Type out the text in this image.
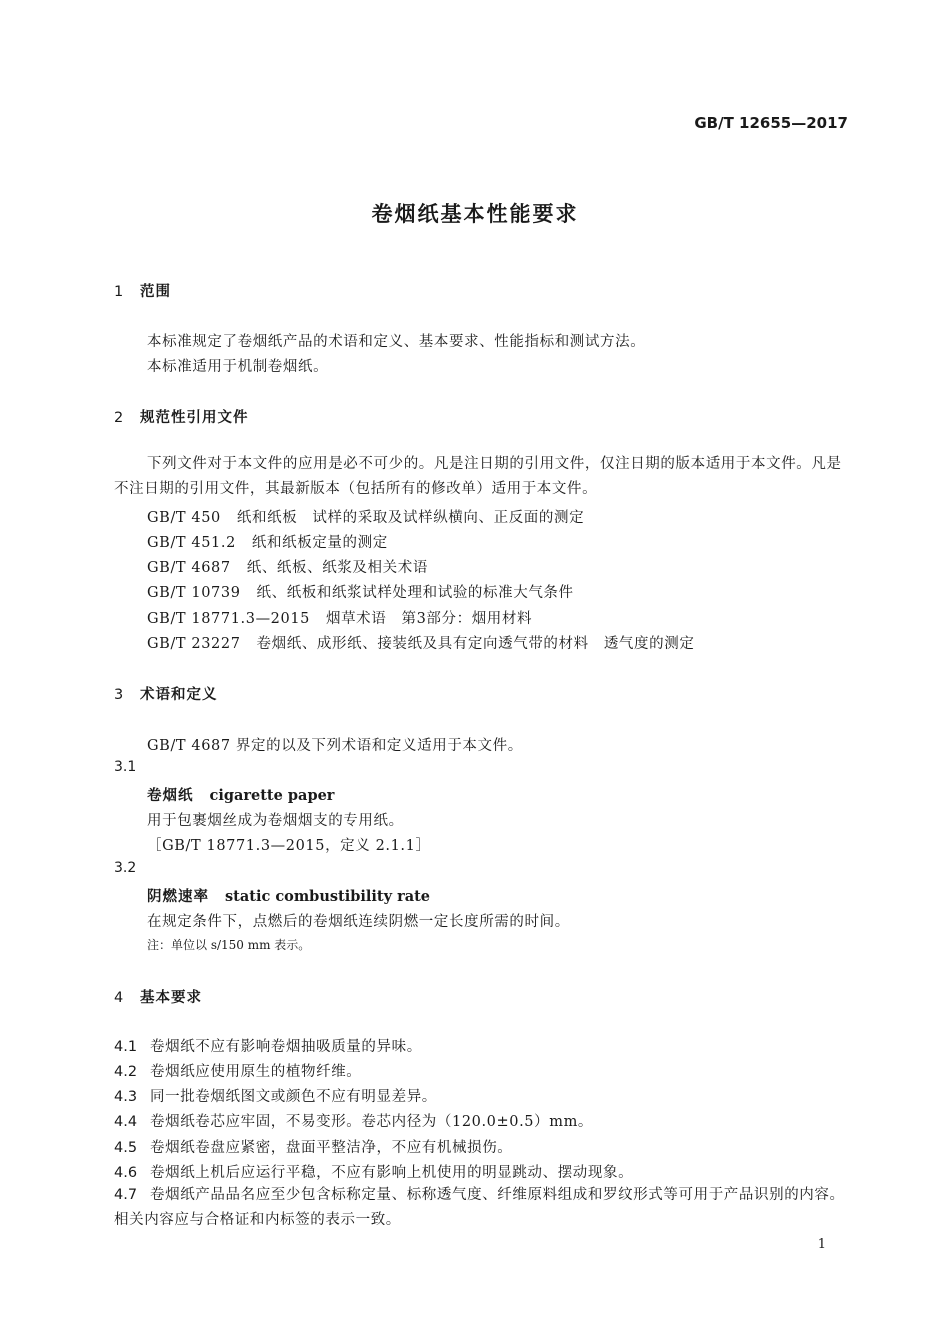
GB/T 12655—2017
卷烟纸基本性能要求
1 范围
本标准规定了卷烟纸产品的术语和定义、基本要求、性能指标和测试方法。
本标准适用于机制卷烟纸。
2 规范性引用文件
下列文件对于本文件的应用是必不可少的。凡是注日期的引用文件，仅注日期的版本适用于本文件。凡是不注日期的引用文件，其最新版本（包括所有的修改单）适用于本文件。
GB/T 450 纸和纸板　试样的采取及试样纵横向、正反面的测定
GB/T 451.2 纸和纸板定量的测定
GB/T 4687 纸、纸板、纸浆及相关术语
GB/T 10739 纸、纸板和纸浆试样处理和试验的标准大气条件
GB/T 18771.3—2015 烟草术语　第3部分：烟用材料
GB/T 23227 卷烟纸、成形纸、接装纸及具有定向透气带的材料　透气度的测定
3 术语和定义
GB/T 4687 界定的以及下列术语和定义适用于本文件。
3.1
卷烟纸 cigarette paper
用于包裹烟丝成为卷烟烟支的专用纸。
［GB/T 18771.3—2015，定义 2.1.1］
3.2
阴燃速率 static combustibility rate
在规定条件下，点燃后的卷烟纸连续阴燃一定长度所需的时间。
注：单位以 s/150 mm 表示。
4 基本要求
4.1 卷烟纸不应有影响卷烟抽吸质量的异味。
4.2 卷烟纸应使用原生的植物纤维。
4.3 同一批卷烟纸图文或颜色不应有明显差异。
4.4 卷烟纸卷芯应牢固，不易变形。卷芯内径为（120.0±0.5）mm。
4.5 卷烟纸卷盘应紧密，盘面平整洁净，不应有机械损伤。
4.6 卷烟纸上机后应运行平稳，不应有影响上机使用的明显跳动、摆动现象。
4.7 卷烟纸产品品名应至少包含标称定量、标称透气度、纤维原料组成和罗纹形式等可用于产品识别的内容。相关内容应与合格证和内标签的表示一致。
1
